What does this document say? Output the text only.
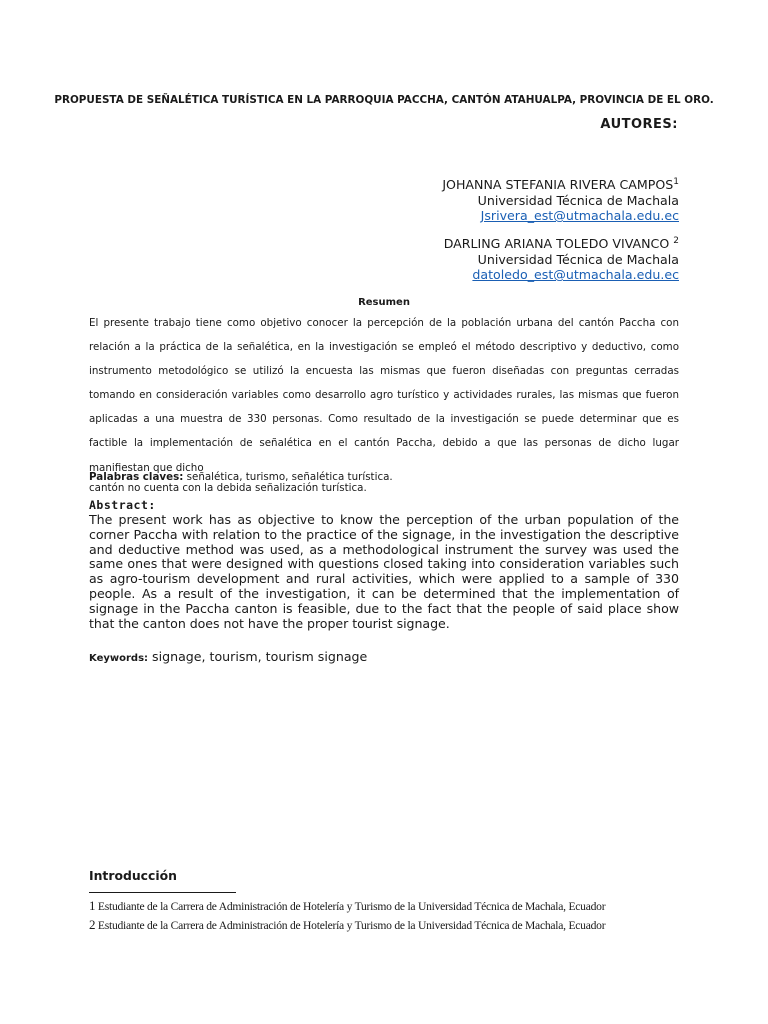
PROPUESTA DE SEÑALÉTICA TURÍSTICA EN LA PARROQUIA PACCHA, CANTÓN ATAHUALPA, PROVINCIA DE EL ORO.
AUTORES:
JOHANNA STEFANIA RIVERA CAMPOS$^1$
Universidad Técnica de Machala
Jsrivera_est@utmachala.edu.ec
DARLING ARIANA TOLEDO VIVANCO $^2$
Universidad Técnica de Machala
datoledo_est@utmachala.edu.ec
Resumen
El presente trabajo tiene como objetivo conocer la percepción de la población urbana del cantón Paccha con relación a la práctica de la señalética, en la investigación se empleó el método descriptivo y deductivo, como instrumento metodológico se utilizó la encuesta las mismas que fueron diseñadas con preguntas cerradas tomando en consideración variables como desarrollo agro turístico y actividades rurales, las mismas que fueron aplicadas a una muestra de 330 personas. Como resultado de la investigación se puede determinar que es factible la implementación de señalética en el cantón Paccha, debido a que las personas de dicho lugar manifiestan que dicho
cantón no cuenta con la debida señalización turística.
Palabras claves: señalética, turismo, señalética turística.
Abstract:
The present work has as objective to know the perception of the urban population of the corner Paccha with relation to the practice of the signage, in the investigation the descriptive and deductive method was used, as a methodological instrument the survey was used the same ones that were designed with questions closed taking into consideration variables such as agro-tourism development and rural activities, which were applied to a sample of 330 people. As a result of the investigation, it can be determined that the implementation of signage in the Paccha canton is feasible, due to the fact that the people of said place show that the canton does not have the proper tourist signage.
Keywords: signage, tourism, tourism signage
Introducción
1 Estudiante de la Carrera de Administración de Hotelería y Turismo de la Universidad Técnica de Machala, Ecuador
2 Estudiante de la Carrera de Administración de Hotelería y Turismo de la Universidad Técnica de Machala, Ecuador
